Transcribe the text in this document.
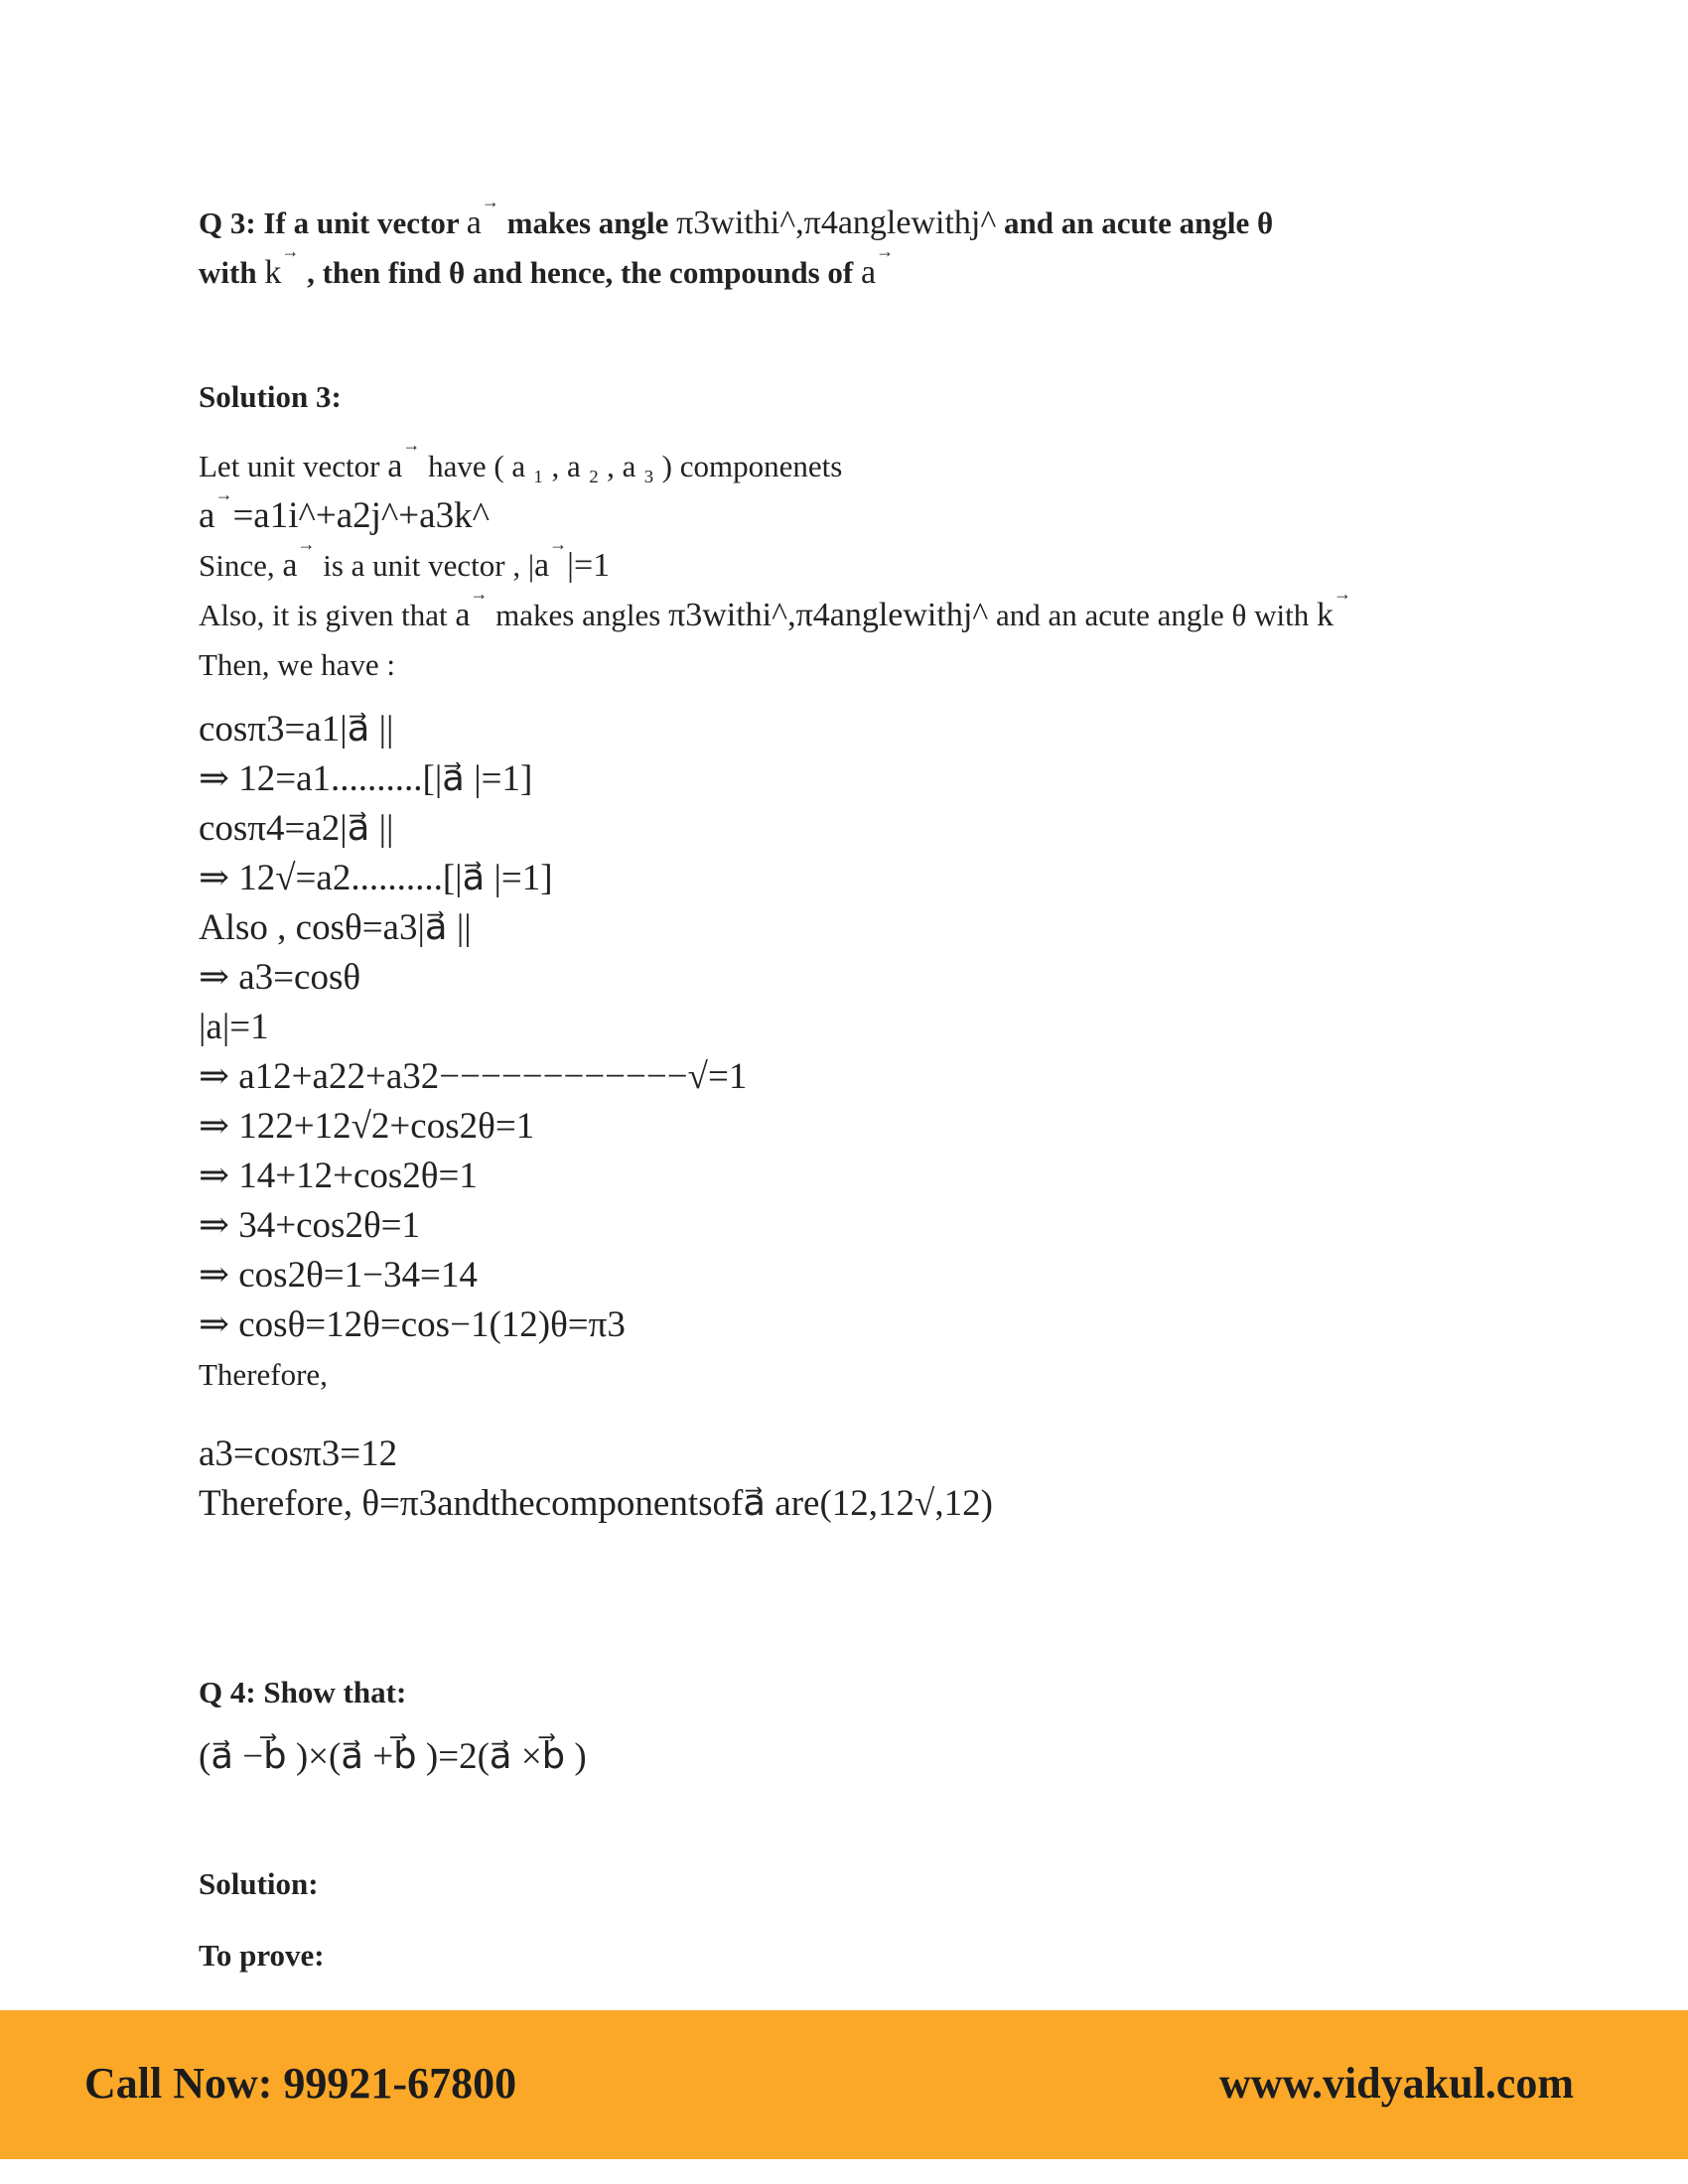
Q 3: If a unit vector a
→
makes angle π3withi^,π4anglewithj^ and an acute angle θ

with k
→
, then find θ and hence, the compounds of a
→

Solution 3:

Let unit vector a
→
have ( a ₁ , a ₂ , a ₃ ) componenets

a
→
=a1i^+a2j^+a3k^

Since, a
→
is a unit vector , |a
→
|=1

Also, it is given that a
→
makes angles π3withi^,π4anglewithj^ and an acute angle θ with k
→

Then, we have :

cosπ3=a1|a⃗ ||

⇒ 12=a1..........[|a⃗ |=1]

cosπ4=a2|a⃗ ||

⇒ 12√=a2..........[|a⃗ |=1]

Also , cosθ=a3|a⃗ ||

⇒ a3=cosθ

|a|=1

⇒ a12+a22+a32−−−−−−−−−−−−√=1

⇒ 122+12√2+cos2θ=1

⇒ 14+12+cos2θ=1

⇒ 34+cos2θ=1

⇒ cos2θ=1−34=14

⇒ cosθ=12θ=cos−1(12)θ=π3

Therefore,

a3=cosπ3=12

Therefore, θ=π3andthecomponentsofa⃗ are(12,12√,12)

Q 4: Show that:

(a⃗ −b⃗ )×(a⃗ +b⃗ )=2(a⃗ ×b⃗ )

Solution:

To prove:

Call Now: 99921-67800	www.vidyakul.com
